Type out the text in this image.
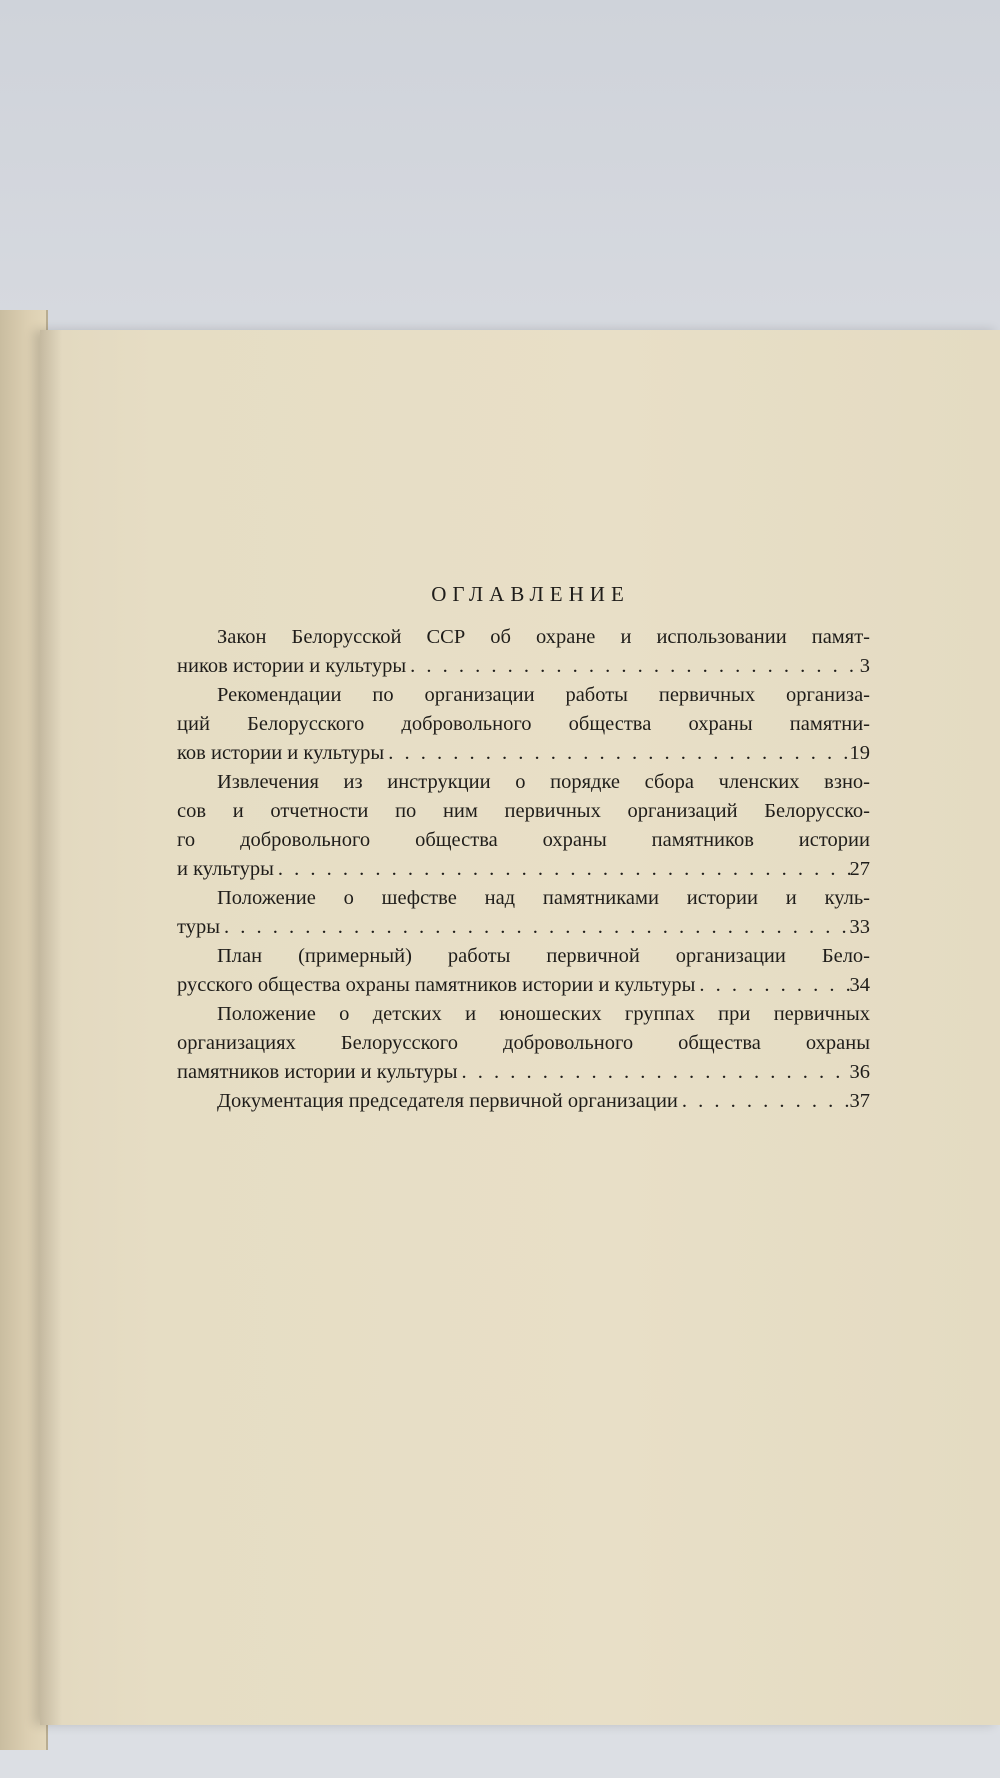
ОГЛАВЛЕНИЕ
Закон Белорусской ССР об охране и использовании памят-
ников истории и культуры . . .	3
Рекомендации по организации работы первичных организа-
ций Белорусского добровольного общества охраны памятни-
ков истории и культуры . . .	19
Извлечения из инструкции о порядке сбора членских взно-
сов и отчетности по ним первичных организаций Белорусско-
го добровольного общества охраны памятников истории
и культуры . . .	27
Положение о шефстве над памятниками истории и куль-
туры . . .	33
План (примерный) работы первичной организации Бело-
русского общества охраны памятников истории и культуры . . .	34
Положение о детских и юношеских группах при первичных
организациях Белорусского добровольного общества охраны
памятников истории и культуры . . .	36
Документация председателя первичной организации . . .	37
